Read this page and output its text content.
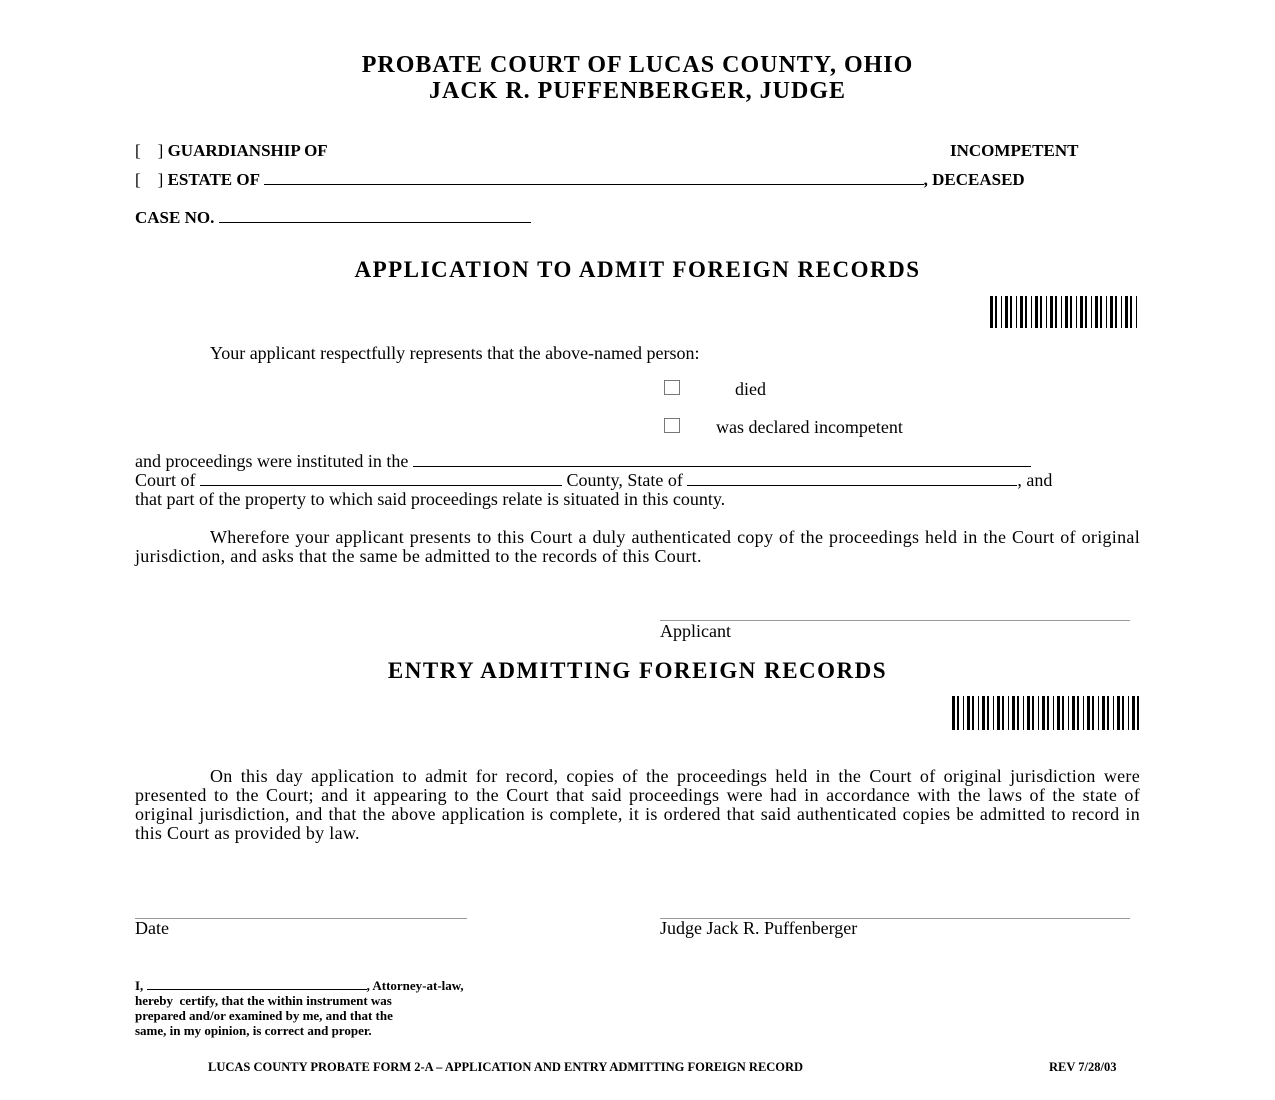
PROBATE COURT OF LUCAS COUNTY, OHIO
JACK R. PUFFENBERGER, JUDGE
[    ] GUARDIANSHIP OF	INCOMPETENT
[    ] ESTATE OF	, DECEASED
CASE NO.
APPLICATION TO ADMIT FOREIGN RECORDS
Your applicant respectfully represents that the above-named person:
died
was declared incompetent
and proceedings were instituted in the
Court of	County, State of	, and
that part of the property to which said proceedings relate is situated in this county.
Wherefore your applicant presents to this Court a duly authenticated copy of the proceedings held in the Court of original jurisdiction, and asks that the same be admitted to the records of this Court.
Applicant
ENTRY ADMITTING FOREIGN RECORDS
On this day application to admit for record, copies of the proceedings held in the Court of original jurisdiction were presented to the Court; and it appearing to the Court that said proceedings were had in accordance with the laws of the state of original jurisdiction, and that the above application is complete, it is ordered that said authenticated copies be admitted to record in this Court as provided by law.
Date	Judge Jack R. Puffenberger
I,	, Attorney-at-law,
hereby  certify, that the within instrument was
prepared and/or examined by me, and that the
same, in my opinion, is correct and proper.
LUCAS COUNTY PROBATE FORM 2-A – APPLICATION AND ENTRY ADMITTING FOREIGN RECORD	REV 7/28/03
